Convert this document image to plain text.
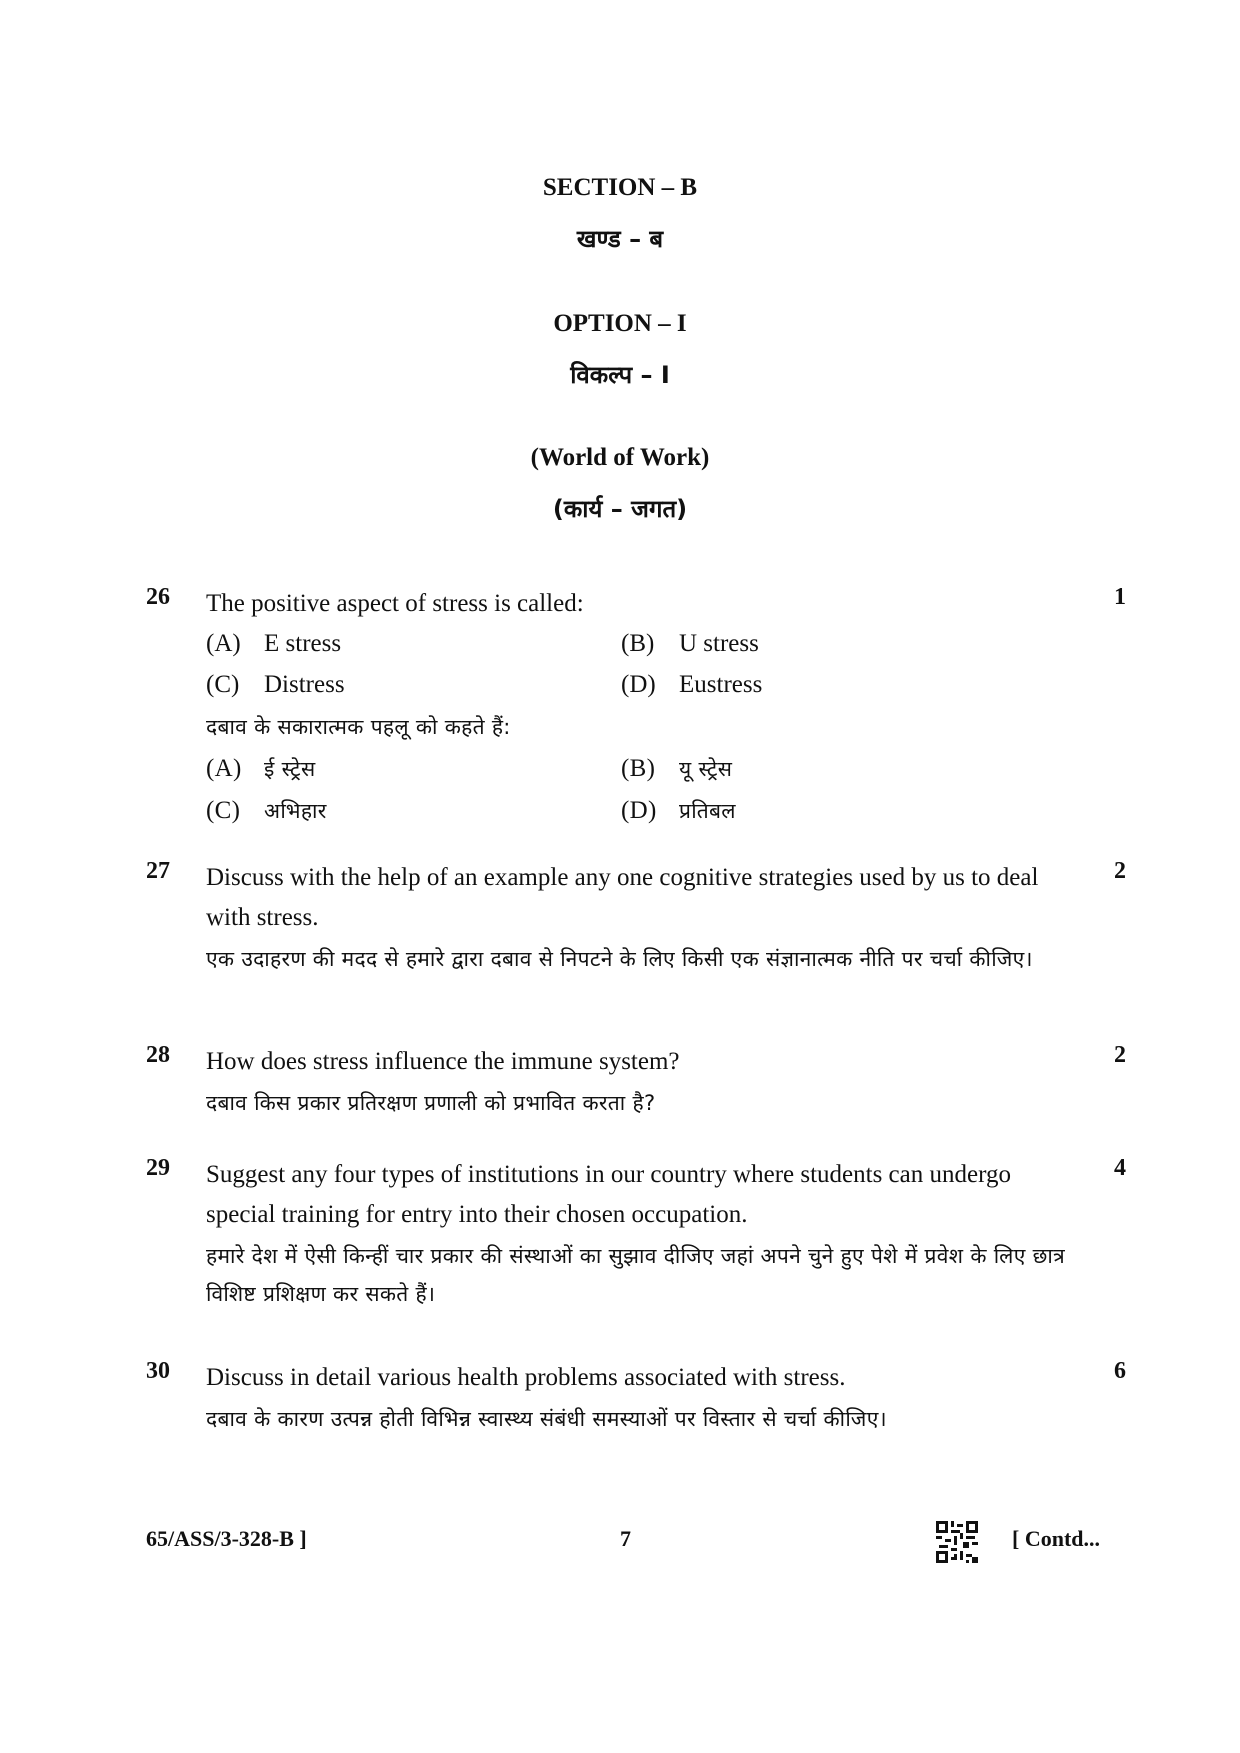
SECTION – B
खण्ड – ब
OPTION – I
विकल्प – I
(World of Work)
(कार्य – जगत)
26 The positive aspect of stress is called:
(A) E stress	(B) U stress
(C) Distress	(D) Eustress
दबाव के सकारात्मक पहलू को कहते हैं:
(A)	ई स्ट्रेस	(B)	यू स्ट्रेस
(C)	अभिहार	(D)	प्रतिबल
1
27 Discuss with the help of an example any one cognitive strategies used by us to deal with stress.
एक उदाहरण की मदद से हमारे द्वारा दबाव से निपटने के लिए किसी एक संज्ञानात्मक नीति पर चर्चा कीजिए।
2
28 How does stress influence the immune system?
दबाव किस प्रकार प्रतिरक्षण प्रणाली को प्रभावित करता है?
2
29 Suggest any four types of institutions in our country where students can undergo special training for entry into their chosen occupation.
हमारे देश में ऐसी किन्हीं चार प्रकार की संस्थाओं का सुझाव दीजिए जहां अपने चुने हुए पेशे में प्रवेश के लिए छात्र विशिष्ट प्रशिक्षण कर सकते हैं।
4
30 Discuss in detail various health problems associated with stress.
दबाव के कारण उत्पन्न होती विभिन्न स्वास्थ्य संबंधी समस्याओं पर विस्तार से चर्चा कीजिए।
6
65/ASS/3-328-B ]	7	[ Contd...
